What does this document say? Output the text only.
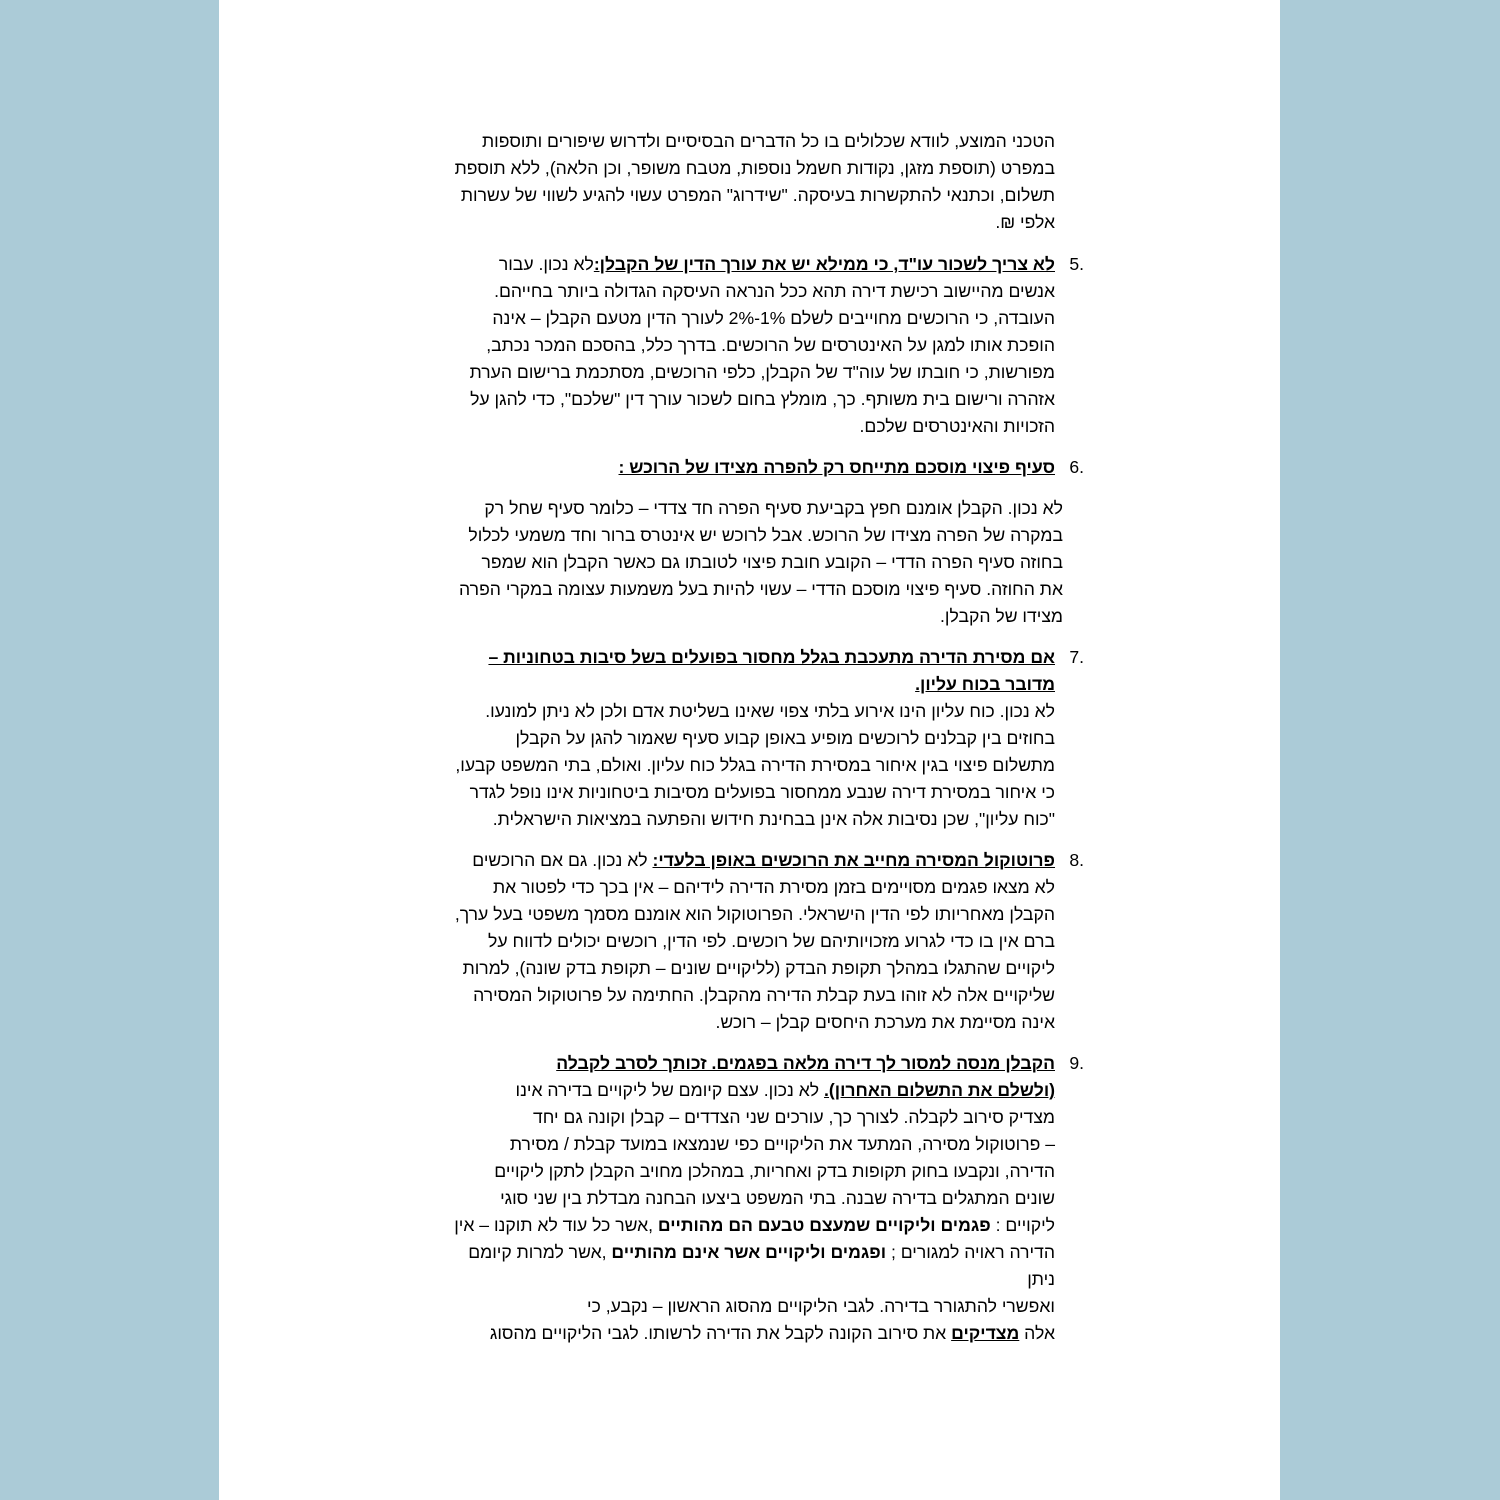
הטכני המוצע, לוודא שכלולים בו כל הדברים הבסיסיים ולדרוש שיפורים ותוספות
במפרט (תוספת מזגן, נקודות חשמל נוספות, מטבח משופר, וכן הלאה), ללא תוספת
תשלום, וכתנאי להתקשרות בעיסקה. "שידרוג" המפרט עשוי להגיע לשווי של עשרות
אלפי ₪.
5.
לא צריך לשכור עו"ד, כי ממילא יש את עורך הדין של הקבלן:לא נכון. עבור
אנשים מהיישוב רכישת דירה תהא ככל הנראה העיסקה הגדולה ביותר בחייהם.
העובדה, כי הרוכשים מחוייבים לשלם 1%-2% לעורך הדין מטעם הקבלן – אינה
הופכת אותו למגן על האינטרסים של הרוכשים. בדרך כלל, בהסכם המכר נכתב,
מפורשות, כי חובתו של עוה"ד של הקבלן, כלפי הרוכשים, מסתכמת ברישום הערת
אזהרה ורישום בית משותף. כך, מומלץ בחום לשכור עורך דין "שלכם", כדי להגן על
הזכויות והאינטרסים שלכם.
6.
סעיף פיצוי מוסכם מתייחס רק להפרה מצידו של הרוכש :
לא נכון. הקבלן אומנם חפץ בקביעת סעיף הפרה חד צדדי – כלומר סעיף שחל רק
במקרה של הפרה מצידו של הרוכש. אבל לרוכש יש אינטרס ברור וחד משמעי לכלול
בחוזה סעיף הפרה הדדי – הקובע חובת פיצוי לטובתו גם כאשר הקבלן הוא שמפר
את החוזה. סעיף פיצוי מוסכם הדדי – עשוי להיות בעל משמעות עצומה במקרי הפרה
מצידו של הקבלן.
7.
אם מסירת הדירה מתעכבת בגלל מחסור בפועלים בשל סיבות בטחוניות –
מדובר בכוח עליון.
לא נכון. כוח עליון הינו אירוע בלתי צפוי שאינו בשליטת אדם ולכן לא ניתן למונעו.
בחוזים בין קבלנים לרוכשים מופיע באופן קבוע סעיף שאמור להגן על הקבלן
מתשלום פיצוי בגין איחור במסירת הדירה בגלל כוח עליון. ואולם, בתי המשפט קבעו,
כי איחור במסירת דירה שנבע ממחסור בפועלים מסיבות ביטחוניות אינו נופל לגדר
"כוח עליון", שכן נסיבות אלה אינן בבחינת חידוש והפתעה במציאות הישראלית.
8.
פרוטוקול המסירה מחייב את הרוכשים באופן בלעדי: לא נכון. גם אם הרוכשים
לא מצאו פגמים מסויימים בזמן מסירת הדירה לידיהם – אין בכך כדי לפטור את
הקבלן מאחריותו לפי הדין הישראלי. הפרוטוקול הוא אומנם מסמך משפטי בעל ערך,
ברם אין בו כדי לגרוע מזכויותיהם של רוכשים. לפי הדין, רוכשים יכולים לדווח על
ליקויים שהתגלו במהלך תקופת הבדק (לליקויים שונים – תקופת בדק שונה), למרות
שליקויים אלה לא זוהו בעת קבלת הדירה מהקבלן. החתימה על פרוטוקול המסירה
אינה מסיימת את מערכת היחסים קבלן – רוכש.
9.
הקבלן מנסה למסור לך דירה מלאה בפגמים. זכותך לסרב לקבלה
(ולשלם את התשלום האחרון). לא נכון. עצם קיומם של ליקויים בדירה אינו
מצדיק סירוב לקבלה. לצורך כך, עורכים שני הצדדים – קבלן וקונה גם יחד
– פרוטוקול מסירה, המתעד את הליקויים כפי שנמצאו במועד קבלת / מסירת
הדירה, ונקבעו בחוק תקופות בדק ואחריות, במהלכן מחויב הקבלן לתקן ליקויים
שונים המתגלים בדירה שבנה. בתי המשפט ביצעו הבחנה מבדלת בין שני סוגי
ליקויים : פגמים וליקויים שמעצם טבעם הם מהותיים ,אשר כל עוד לא תוקנו – אין
הדירה ראויה למגורים ; ופגמים וליקויים אשר אינם מהותיים ,אשר למרות קיומם
ניתן
ואפשרי להתגורר בדירה. לגבי הליקויים מהסוג הראשון – נקבע, כי
אלה מצדיקים את סירוב הקונה לקבל את הדירה לרשותו. לגבי הליקויים מהסוג
